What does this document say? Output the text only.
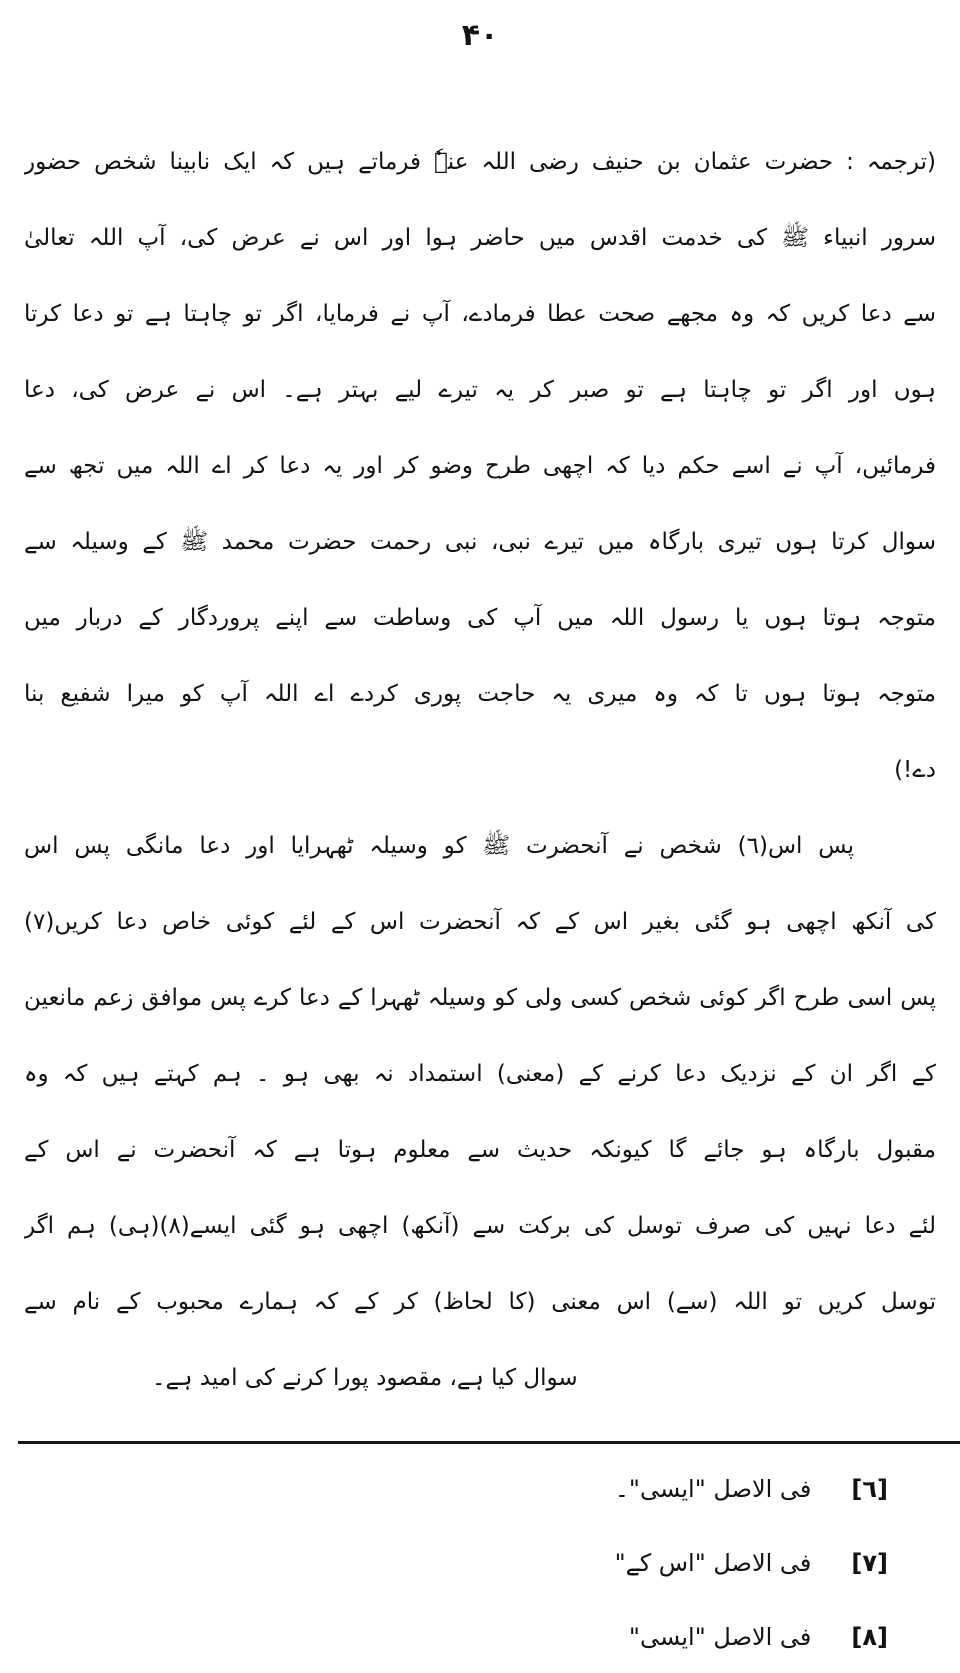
۴۰
(ترجمہ : حضرت عثمان بن حنیف رضی اللہ عنہٗ فرماتے ہیں کہ ایک نابینا شخص حضور
سرور انبیاء ﷺ کی خدمت اقدس میں حاضر ہوا اور اس نے عرض کی، آپ اللہ تعالیٰ
سے دعا کریں کہ وہ مجھے صحت عطا فرمادے، آپ نے فرمایا، اگر تو چاہتا ہے تو دعا کرتا
ہوں اور اگر تو چاہتا ہے تو صبر کر یہ تیرے لیے بہتر ہے۔ اس نے عرض کی، دعا
فرمائیں، آپ نے اسے حکم دیا کہ اچھی طرح وضو کر اور یہ دعا کر اے اللہ میں تجھ سے
سوال کرتا ہوں تیری بارگاہ میں تیرے نبی، نبی رحمت حضرت محمد ﷺ کے وسیلہ سے
متوجہ ہوتا ہوں یا رسول اللہ میں آپ کی وساطت سے اپنے پروردگار کے دربار میں
متوجہ ہوتا ہوں تا کہ وہ میری یہ حاجت پوری کردے اے اللہ آپ کو میرا شفیع بنا
دے!)
پس اس(٦) شخص نے آنحضرت ﷺ کو وسیلہ ٹھہرایا اور دعا مانگی پس اس
کی آنکھ اچھی ہو گئی بغیر اس کے کہ آنحضرت اس کے لئے کوئی خاص دعا کریں(٧)
پس اسی طرح اگر کوئی شخص کسی ولی کو وسیلہ ٹھہرا کے دعا کرے پس موافق زعم مانعین
کے اگر ان کے نزدیک دعا کرنے کے (معنی) استمداد نہ بھی ہو ۔ ہم کہتے ہیں کہ وہ
مقبول بارگاہ ہو جائے گا کیونکہ حدیث سے معلوم ہوتا ہے کہ آنحضرت نے اس کے
لئے دعا نہیں کی صرف توسل کی برکت سے (آنکھ) اچھی ہو گئی ایسے(٨)(ہی) ہم اگر
توسل کریں تو اللہ (سے) اس معنی (کا لحاظ) کر کے کہ ہمارے محبوب کے نام سے
سوال کیا ہے، مقصود پورا کرنے کی امید ہے۔
[٦]
فی الاصل "ایسی"۔
[٧]
فی الاصل "اس کے"
[٨]
فی الاصل "ایسی"
